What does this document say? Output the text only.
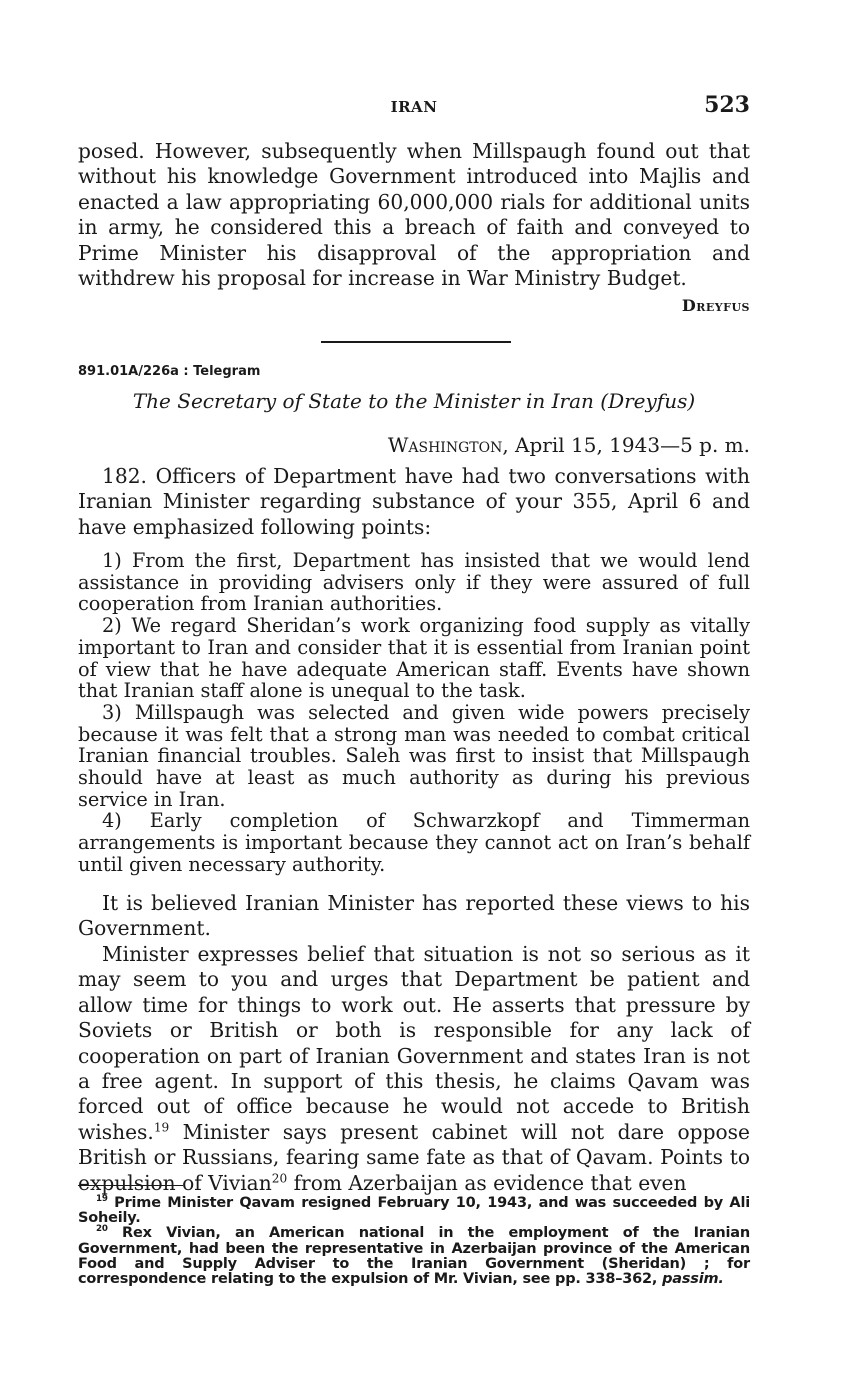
IRAN	523

posed. However, subsequently when Millspaugh found out that without his knowledge Government introduced into Majlis and enacted a law appropriating 60,000,000 rials for additional units in army, he considered this a breach of faith and conveyed to Prime Minister his disapproval of the appropriation and withdrew his proposal for increase in War Ministry Budget.

Dreyfus
891.01A/226a : Telegram
The Secretary of State to the Minister in Iran (Dreyfus)
Washington, April 15, 1943—5 p. m.

182. Officers of Department have had two conversations with Iranian Minister regarding substance of your 355, April 6 and have emphasized following points:

1) From the first, Department has insisted that we would lend assistance in providing advisers only if they were assured of full cooperation from Iranian authorities.
2) We regard Sheridan’s work organizing food supply as vitally important to Iran and consider that it is essential from Iranian point of view that he have adequate American staff. Events have shown that Iranian staff alone is unequal to the task.
3) Millspaugh was selected and given wide powers precisely because it was felt that a strong man was needed to combat critical Iranian financial troubles. Saleh was first to insist that Millspaugh should have at least as much authority as during his previous service in Iran.
4) Early completion of Schwarzkopf and Timmerman arrangements is important because they cannot act on Iran’s behalf until given necessary authority.

It is believed Iranian Minister has reported these views to his Government.

Minister expresses belief that situation is not so serious as it may seem to you and urges that Department be patient and allow time for things to work out. He asserts that pressure by Soviets or British or both is responsible for any lack of cooperation on part of Iranian Government and states Iran is not a free agent. In support of this thesis, he claims Qavam was forced out of office because he would not accede to British wishes.$^{19}$ Minister says present cabinet will not dare oppose British or Russians, fearing same fate as that of Qavam. Points to expulsion of Vivian$^{20}$ from Azerbaijan as evidence that even

$^{19}$ Prime Minister Qavam resigned February 10, 1943, and was succeeded by Ali Soheily.

$^{20}$ Rex Vivian, an American national in the employment of the Iranian Government, had been the representative in Azerbaijan province of the American Food and Supply Adviser to the Iranian Government (Sheridan) ; for correspondence relating to the expulsion of Mr. Vivian, see pp. 338–362, passim.
